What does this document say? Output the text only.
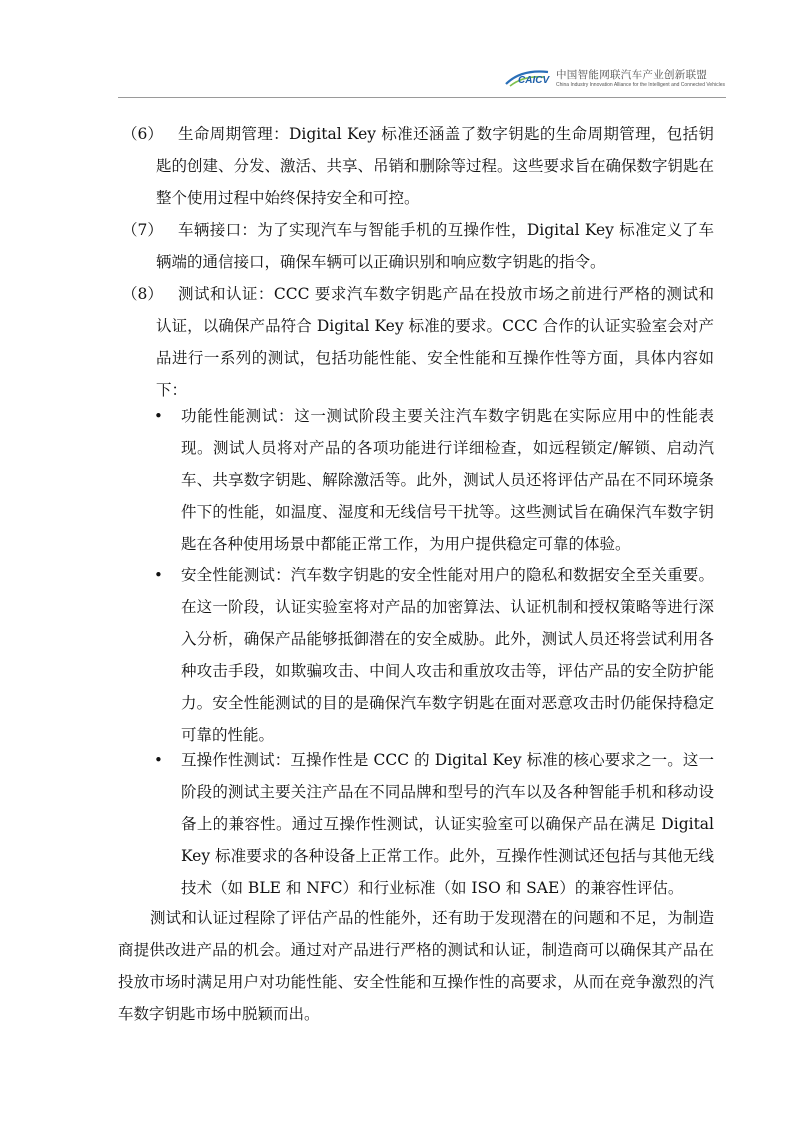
CAICV 中国智能网联汽车产业创新联盟
China Industry Innovation Alliance for the Intelligent and Connected Vehicles
（6） 生命周期管理：Digital Key 标准还涵盖了数字钥匙的生命周期管理，包括钥匙的创建、分发、激活、共享、吊销和删除等过程。这些要求旨在确保数字钥匙在整个使用过程中始终保持安全和可控。
（7） 车辆接口：为了实现汽车与智能手机的互操作性，Digital Key 标准定义了车辆端的通信接口，确保车辆可以正确识别和响应数字钥匙的指令。
（8） 测试和认证：CCC 要求汽车数字钥匙产品在投放市场之前进行严格的测试和认证，以确保产品符合 Digital Key 标准的要求。CCC 合作的认证实验室会对产品进行一系列的测试，包括功能性能、安全性能和互操作性等方面，具体内容如下：
• 功能性能测试：这一测试阶段主要关注汽车数字钥匙在实际应用中的性能表现。测试人员将对产品的各项功能进行详细检查，如远程锁定/解锁、启动汽车、共享数字钥匙、解除激活等。此外，测试人员还将评估产品在不同环境条件下的性能，如温度、湿度和无线信号干扰等。这些测试旨在确保汽车数字钥匙在各种使用场景中都能正常工作，为用户提供稳定可靠的体验。
• 安全性能测试：汽车数字钥匙的安全性能对用户的隐私和数据安全至关重要。在这一阶段，认证实验室将对产品的加密算法、认证机制和授权策略等进行深入分析，确保产品能够抵御潜在的安全威胁。此外，测试人员还将尝试利用各种攻击手段，如欺骗攻击、中间人攻击和重放攻击等，评估产品的安全防护能力。安全性能测试的目的是确保汽车数字钥匙在面对恶意攻击时仍能保持稳定可靠的性能。
• 互操作性测试：互操作性是 CCC 的 Digital Key 标准的核心要求之一。这一阶段的测试主要关注产品在不同品牌和型号的汽车以及各种智能手机和移动设备上的兼容性。通过互操作性测试，认证实验室可以确保产品在满足 Digital Key 标准要求的各种设备上正常工作。此外，互操作性测试还包括与其他无线技术（如 BLE 和 NFC）和行业标准（如 ISO 和 SAE）的兼容性评估。
测试和认证过程除了评估产品的性能外，还有助于发现潜在的问题和不足，为制造商提供改进产品的机会。通过对产品进行严格的测试和认证，制造商可以确保其产品在投放市场时满足用户对功能性能、安全性能和互操作性的高要求，从而在竞争激烈的汽车数字钥匙市场中脱颖而出。
